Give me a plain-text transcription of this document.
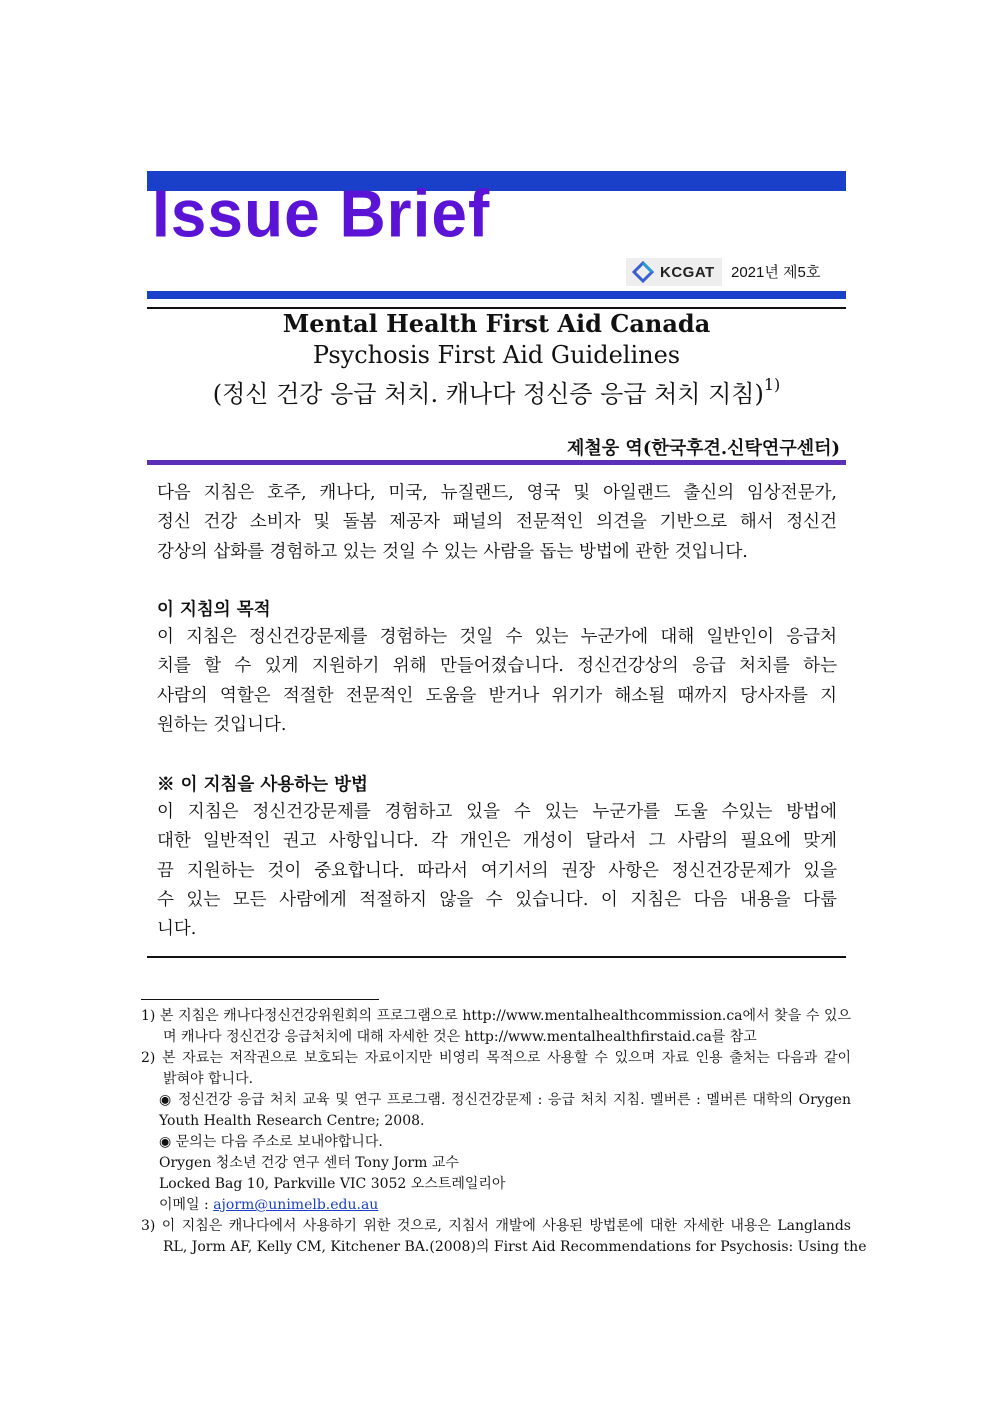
Issue Brief
KCGAT 2021년 제5호
Mental Health First Aid Canada
Psychosis First Aid Guidelines
(정신 건강 응급 처치. 캐나다 정신증 응급 처치 지침)$^{1)}$
제철웅 역(한국후견.신탁연구센터)
다음 지침은 호주, 캐나다, 미국, 뉴질랜드, 영국 및 아일랜드 출신의 임상전문가,
정신 건강 소비자 및 돌봄 제공자 패널의 전문적인 의견을 기반으로 해서 정신건
강상의 삽화를 경험하고 있는 것일 수 있는 사람을 돕는 방법에 관한 것입니다.
이 지침의 목적
이 지침은 정신건강문제를 경험하는 것일 수 있는 누군가에 대해 일반인이 응급처
치를 할 수 있게 지원하기 위해 만들어졌습니다. 정신건강상의 응급 처치를 하는
사람의 역할은 적절한 전문적인 도움을 받거나 위기가 해소될 때까지 당사자를 지
원하는 것입니다.
※ 이 지침을 사용하는 방법
이 지침은 정신건강문제를 경험하고 있을 수 있는 누군가를 도울 수있는 방법에
대한 일반적인 권고 사항입니다. 각 개인은 개성이 달라서 그 사람의 필요에 맞게
끔 지원하는 것이 중요합니다. 따라서 여기서의 권장 사항은 정신건강문제가 있을
수 있는 모든 사람에게 적절하지 않을 수 있습니다. 이 지침은 다음 내용을 다룹
니다.
1) 본 지침은 캐나다정신건강위원회의 프로그램으로 http://www.mentalhealthcommission.ca에서 찾을 수 있으
며 캐나다 정신건강 응급처치에 대해 자세한 것은 http://www.mentalhealthfirstaid.ca를 참고
2) 본 자료는 저작권으로 보호되는 자료이지만 비영리 목적으로 사용할 수 있으며 자료 인용 출처는 다음과 같이
밝혀야 합니다.
◉ 정신건강 응급 처치 교육 및 연구 프로그램. 정신건강문제 : 응급 처치 지침. 멜버른 : 멜버른 대학의 Orygen
Youth Health Research Centre; 2008.
◉ 문의는 다음 주소로 보내야합니다.
Orygen 청소년 건강 연구 센터 Tony Jorm 교수
Locked Bag 10, Parkville VIC 3052 오스트레일리아
이메일 : ajorm@unimelb.edu.au
3) 이 지침은 캐나다에서 사용하기 위한 것으로, 지침서 개발에 사용된 방법론에 대한 자세한 내용은 Langlands
RL, Jorm AF, Kelly CM, Kitchener BA.(2008)의 First Aid Recommendations for Psychosis: Using the
